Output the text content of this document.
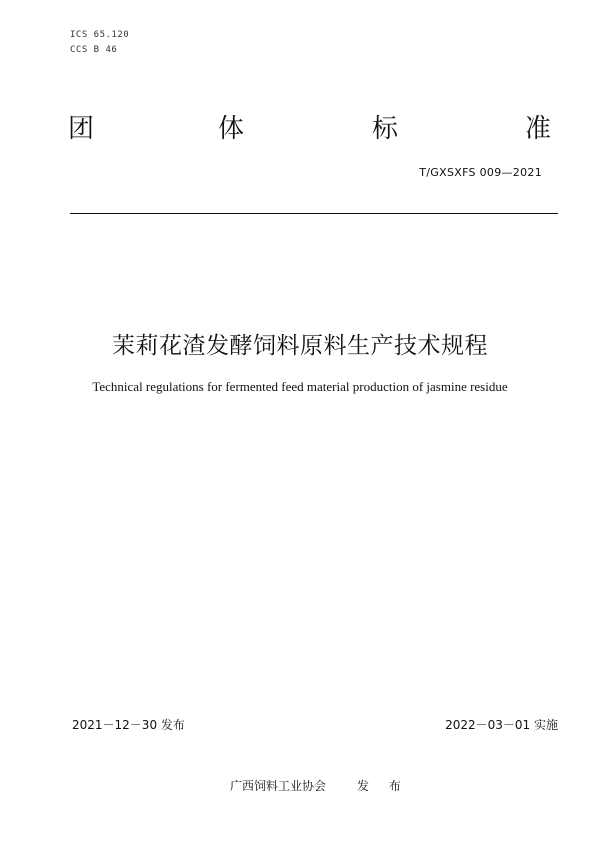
ICS 65.120
CCS B 46
团	体	标	准
T/GXSXFS 009—2021
茉莉花渣发酵饲料原料生产技术规程
Technical regulations for fermented feed material production of jasmine residue
2021－12－30 发布	2022－03－01 实施
广西饲料工业协会	发 布
